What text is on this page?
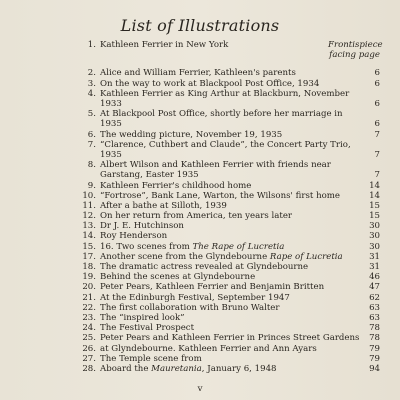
List of Illustrations
1. Kathleen Ferrier in New York	Frontispiece facing page
2. Alice and William Ferrier, Kathleen's parents	6
3. On the way to work at Blackpool Post Office, 1934	6
4. Kathleen Ferrier as King Arthur at Blackburn, November 1933	6
5. At Blackpool Post Office, shortly before her marriage in 1935	6
6. The wedding picture, November 19, 1935	7
7. “Clarence, Cuthbert and Claude”, the Concert Party Trio, 1935	7
8. Albert Wilson and Kathleen Ferrier with friends near Garstang, Easter 1935	7
9. Kathleen Ferrier's childhood home	14
10. “Fortrose”, Bank Lane, Warton, the Wilsons' first home	14
11. After a bathe at Silloth, 1939	15
12. On her return from America, ten years later	15
13. Dr J. E. Hutchinson	30
14. Roy Henderson	30
15. 16. Two scenes from The Rape of Lucretia	30
17. Another scene from the Glyndebourne Rape of Lucretia	31
18. The dramatic actress revealed at Glyndebourne	31
19. Behind the scenes at Glyndebourne	46
20. Peter Pears, Kathleen Ferrier and Benjamin Britten	47
21. At the Edinburgh Festival, September 1947	62
22. The first collaboration with Bruno Walter	63
23. The “inspired look”	63
24. The Festival Prospect	78
25. Peter Pears and Kathleen Ferrier in Princes Street Gardens	78
26. at Glyndebourne. Kathleen Ferrier and Ann Ayars	79
27. The Temple scene from	79
28. Aboard the Mauretania, January 6, 1948	94
v
